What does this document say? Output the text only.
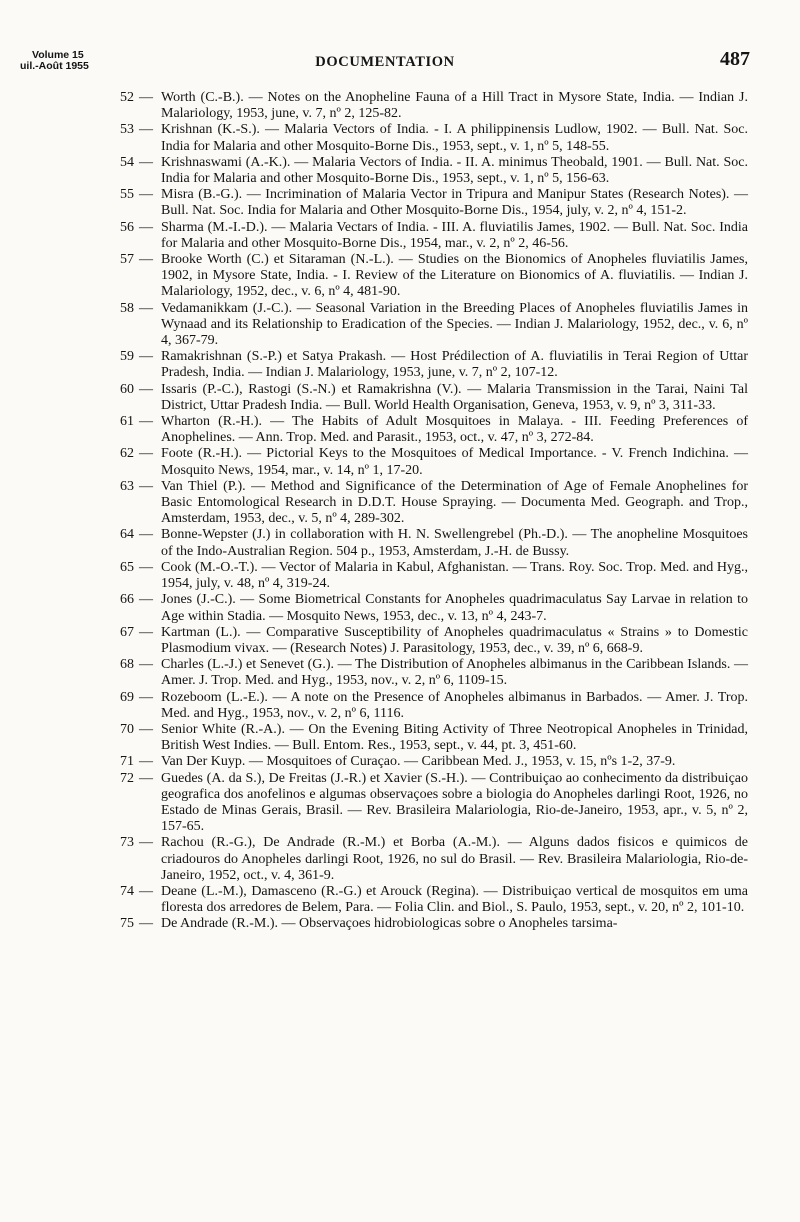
Volume 15
uil.-Août 1955	DOCUMENTATION	487

52 — Worth (C.-B.). — Notes on the Anopheline Fauna of a Hill Tract in Mysore State, India. — Indian J. Malariology, 1953, june, v. 7, nº 2, 125-82.

53 — Krishnan (K.-S.). — Malaria Vectors of India. - I. A philippinensis Ludlow, 1902. — Bull. Nat. Soc. India for Malaria and other Mosquito-Borne Dis., 1953, sept., v. 1, nº 5, 148-55.

54 — Krishnaswami (A.-K.). — Malaria Vectors of India. - II. A. minimus Theobald, 1901. — Bull. Nat. Soc. India for Malaria and other Mosquito-Borne Dis., 1953, sept., v. 1, nº 5, 156-63.

55 — Misra (B.-G.). — Incrimination of Malaria Vector in Tripura and Manipur States (Research Notes). — Bull. Nat. Soc. India for Malaria and Other Mosquito-Borne Dis., 1954, july, v. 2, nº 4, 151-2.

56 — Sharma (M.-I.-D.). — Malaria Vectars of India. - III. A. fluviatilis James, 1902. — Bull. Nat. Soc. India for Malaria and other Mosquito-Borne Dis., 1954, mar., v. 2, nº 2, 46-56.

57 — Brooke Worth (C.) et Sitaraman (N.-L.). — Studies on the Bionomics of Anopheles fluviatilis James, 1902, in Mysore State, India. - I. Review of the Literature on Bionomics of A. fluviatilis. — Indian J. Malariology, 1952, dec., v. 6, nº 4, 481-90.

58 — Vedamanikkam (J.-C.). — Seasonal Variation in the Breeding Places of Anopheles fluviatilis James in Wynaad and its Relationship to Eradication of the Species. — Indian J. Malariology, 1952, dec., v. 6, nº 4, 367-79.

59 — Ramakrishnan (S.-P.) et Satya Prakash. — Host Prédilection of A. fluviatilis in Terai Region of Uttar Pradesh, India. — Indian J. Malariology, 1953, june, v. 7, nº 2, 107-12.

60 — Issaris (P.-C.), Rastogi (S.-N.) et Ramakrishna (V.). — Malaria Transmission in the Tarai, Naini Tal District, Uttar Pradesh India. — Bull. World Health Organisation, Geneva, 1953, v. 9, nº 3, 311-33.

61 — Wharton (R.-H.). — The Habits of Adult Mosquitoes in Malaya. - III. Feeding Preferences of Anophelines. — Ann. Trop. Med. and Parasit., 1953, oct., v. 47, nº 3, 272-84.

62 — Foote (R.-H.). — Pictorial Keys to the Mosquitoes of Medical Importance. - V. French Indichina. — Mosquito News, 1954, mar., v. 14, nº 1, 17-20.

63 — Van Thiel (P.). — Method and Significance of the Determination of Age of Female Anophelines for Basic Entomological Research in D.D.T. House Spraying. — Documenta Med. Geograph. and Trop., Amsterdam, 1953, dec., v. 5, nº 4, 289-302.

64 — Bonne-Wepster (J.) in collaboration with H. N. Swellengrebel (Ph.-D.). — The anopheline Mosquitoes of the Indo-Australian Region. 504 p., 1953, Amsterdam, J.-H. de Bussy.

65 — Cook (M.-O.-T.). — Vector of Malaria in Kabul, Afghanistan. — Trans. Roy. Soc. Trop. Med. and Hyg., 1954, july, v. 48, nº 4, 319-24.

66 — Jones (J.-C.). — Some Biometrical Constants for Anopheles quadrimaculatus Say Larvae in relation to Age within Stadia. — Mosquito News, 1953, dec., v. 13, nº 4, 243-7.

67 — Kartman (L.). — Comparative Susceptibility of Anopheles quadrimaculatus « Strains » to Domestic Plasmodium vivax. — (Research Notes) J. Parasitology, 1953, dec., v. 39, nº 6, 668-9.

68 — Charles (L.-J.) et Senevet (G.). — The Distribution of Anopheles albimanus in the Caribbean Islands. — Amer. J. Trop. Med. and Hyg., 1953, nov., v. 2, nº 6, 1109-15.

69 — Rozeboom (L.-E.). — A note on the Presence of Anopheles albimanus in Barbados. — Amer. J. Trop. Med. and Hyg., 1953, nov., v. 2, nº 6, 1116.

70 — Senior White (R.-A.). — On the Evening Biting Activity of Three Neotropical Anopheles in Trinidad, British West Indies. — Bull. Entom. Res., 1953, sept., v. 44, pt. 3, 451-60.

71 — Van Der Kuyp. — Mosquitoes of Curaçao. — Caribbean Med. J., 1953, v. 15, nºs 1-2, 37-9.

72 — Guedes (A. da S.), De Freitas (J.-R.) et Xavier (S.-H.). — Contribuiçao ao conhecimento da distribuiçao geografica dos anofelinos e algumas observaçoes sobre a biologia do Anopheles darlingi Root, 1926, no Estado de Minas Gerais, Brasil. — Rev. Brasileira Malariologia, Rio-de-Janeiro, 1953, apr., v. 5, nº 2, 157-65.

73 — Rachou (R.-G.), De Andrade (R.-M.) et Borba (A.-M.). — Alguns dados fisicos e quimicos de criadouros do Anopheles darlingi Root, 1926, no sul do Brasil. — Rev. Brasileira Malariologia, Rio-de-Janeiro, 1952, oct., v. 4, 361-9.

74 — Deane (L.-M.), Damasceno (R.-G.) et Arouck (Regina). — Distribuiçao vertical de mosquitos em uma floresta dos arredores de Belem, Para. — Folia Clin. and Biol., S. Paulo, 1953, sept., v. 20, nº 2, 101-10.

75 — De Andrade (R.-M.). — Observaçoes hidrobiologicas sobre o Anopheles tarsima-
